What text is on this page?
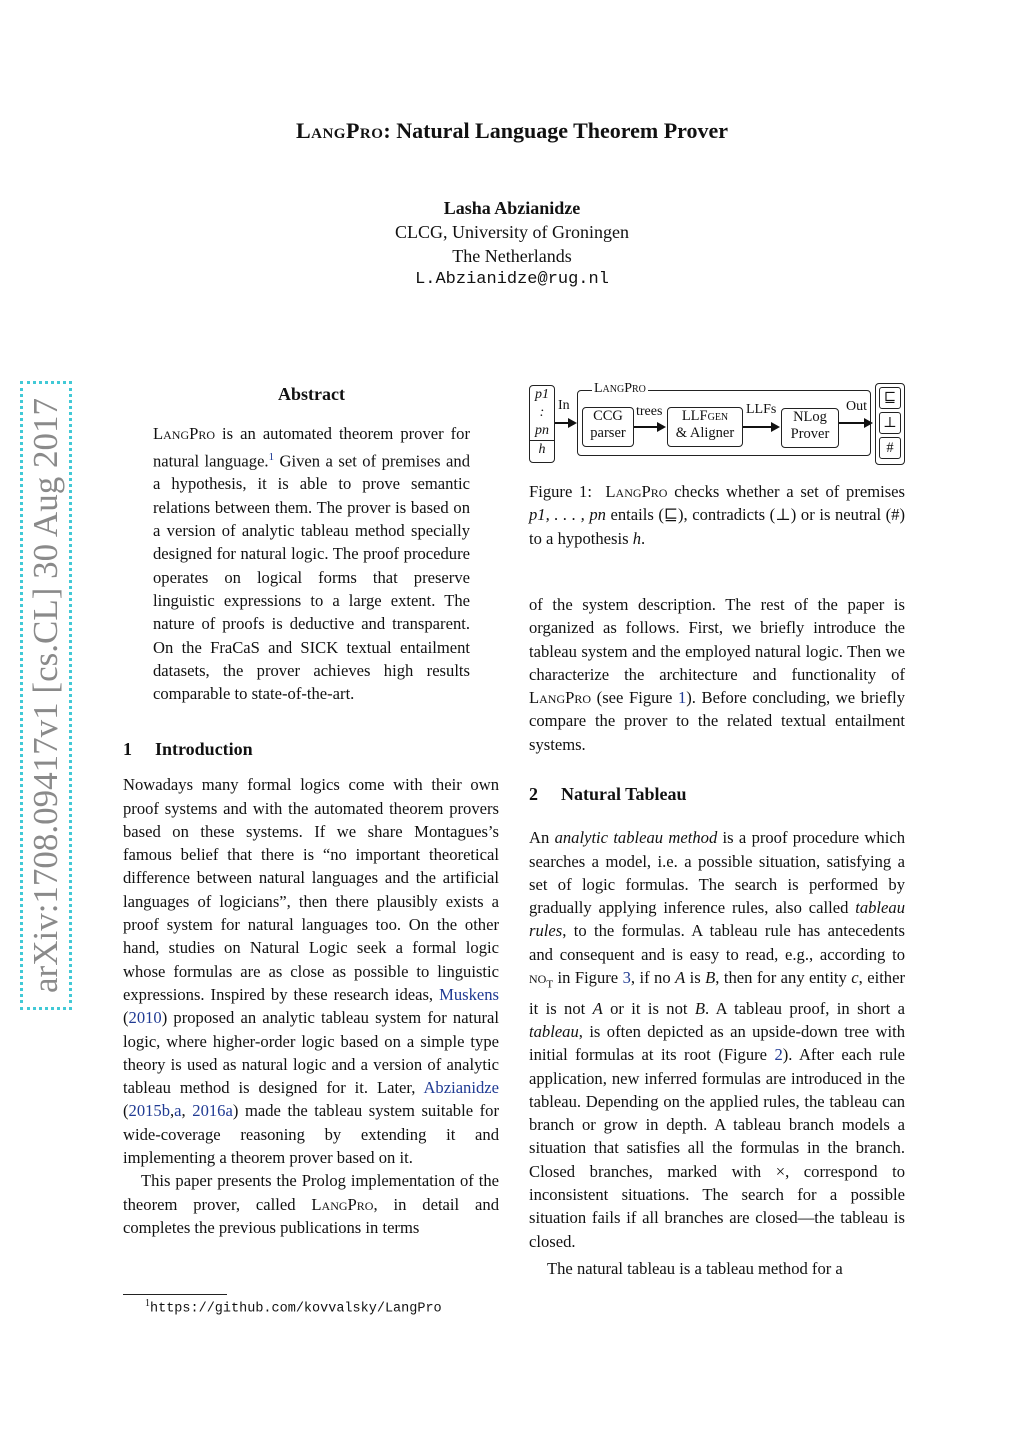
LangPro: Natural Language Theorem Prover
Lasha Abzianidze
CLCG, University of Groningen
The Netherlands
L.Abzianidze@rug.nl
arXiv:1708.09417v1 [cs.CL] 30 Aug 2017
Abstract

LangPro is an automated theorem prover for natural language.$^1$ Given a set of premises and a hypothesis, it is able to prove semantic relations between them. The prover is based on a version of analytic tableau method specially designed for natural logic. The proof procedure operates on logical forms that preserve linguistic expressions to a large extent. The nature of proofs is deductive and transparent. On the FraCaS and SICK textual entailment datasets, the prover achieves high results comparable to state-of-the-art.

1 Introduction

Nowadays many formal logics come with their own proof systems and with the automated theorem provers based on these systems. If we share Montagues’s famous belief that there is “no important theoretical difference between natural languages and the artificial languages of logicians”, then there plausibly exists a proof system for natural languages too. On the other hand, studies on Natural Logic seek a formal logic whose formulas are as close as possible to linguistic expressions. Inspired by these research ideas, Muskens (2010) proposed an analytic tableau system for natural logic, where higher-order logic based on a simple type theory is used as natural logic and a version of analytic tableau method is designed for it. Later, Abzianidze (2015b,a, 2016a) made the tableau system suitable for wide-coverage reasoning by extending it and implementing a theorem prover based on it.

This paper presents the Prolog implementation of the theorem prover, called LangPro, in detail and completes the previous publications in terms

$^1$https://github.com/kovvalsky/LangPro
p1
:
pn
h
In
LangPro
CCG
parser
trees	LLFgen
& Aligner
LLFs	NLog
Prover
Out
⊑
⊥
#
Figure 1: LangPro checks whether a set of premises p1, . . . , pn entails (⊑), contradicts (⊥) or is neutral (#) to a hypothesis h.

of the system description. The rest of the paper is organized as follows. First, we briefly introduce the tableau system and the employed natural logic. Then we characterize the architecture and functionality of LangPro (see Figure 1). Before concluding, we briefly compare the prover to the related textual entailment systems.

2 Natural Tableau

An analytic tableau method is a proof procedure which searches a model, i.e. a possible situation, satisfying a set of logic formulas. The search is performed by gradually applying inference rules, also called tableau rules, to the formulas. A tableau rule has antecedents and consequent and is easy to read, e.g., according to $no_T$ in Figure 3, if no A is B, then for any entity c, either it is not A or it is not B. A tableau proof, in short a tableau, is often depicted as an upside-down tree with initial formulas at its root (Figure 2). After each rule application, new inferred formulas are introduced in the tableau. Depending on the applied rules, the tableau can branch or grow in depth. A tableau branch models a situation that satisfies all the formulas in the branch. Closed branches, marked with ×, correspond to inconsistent situations. The search for a possible situation fails if all branches are closed—the tableau is closed.

The natural tableau is a tableau method for a
